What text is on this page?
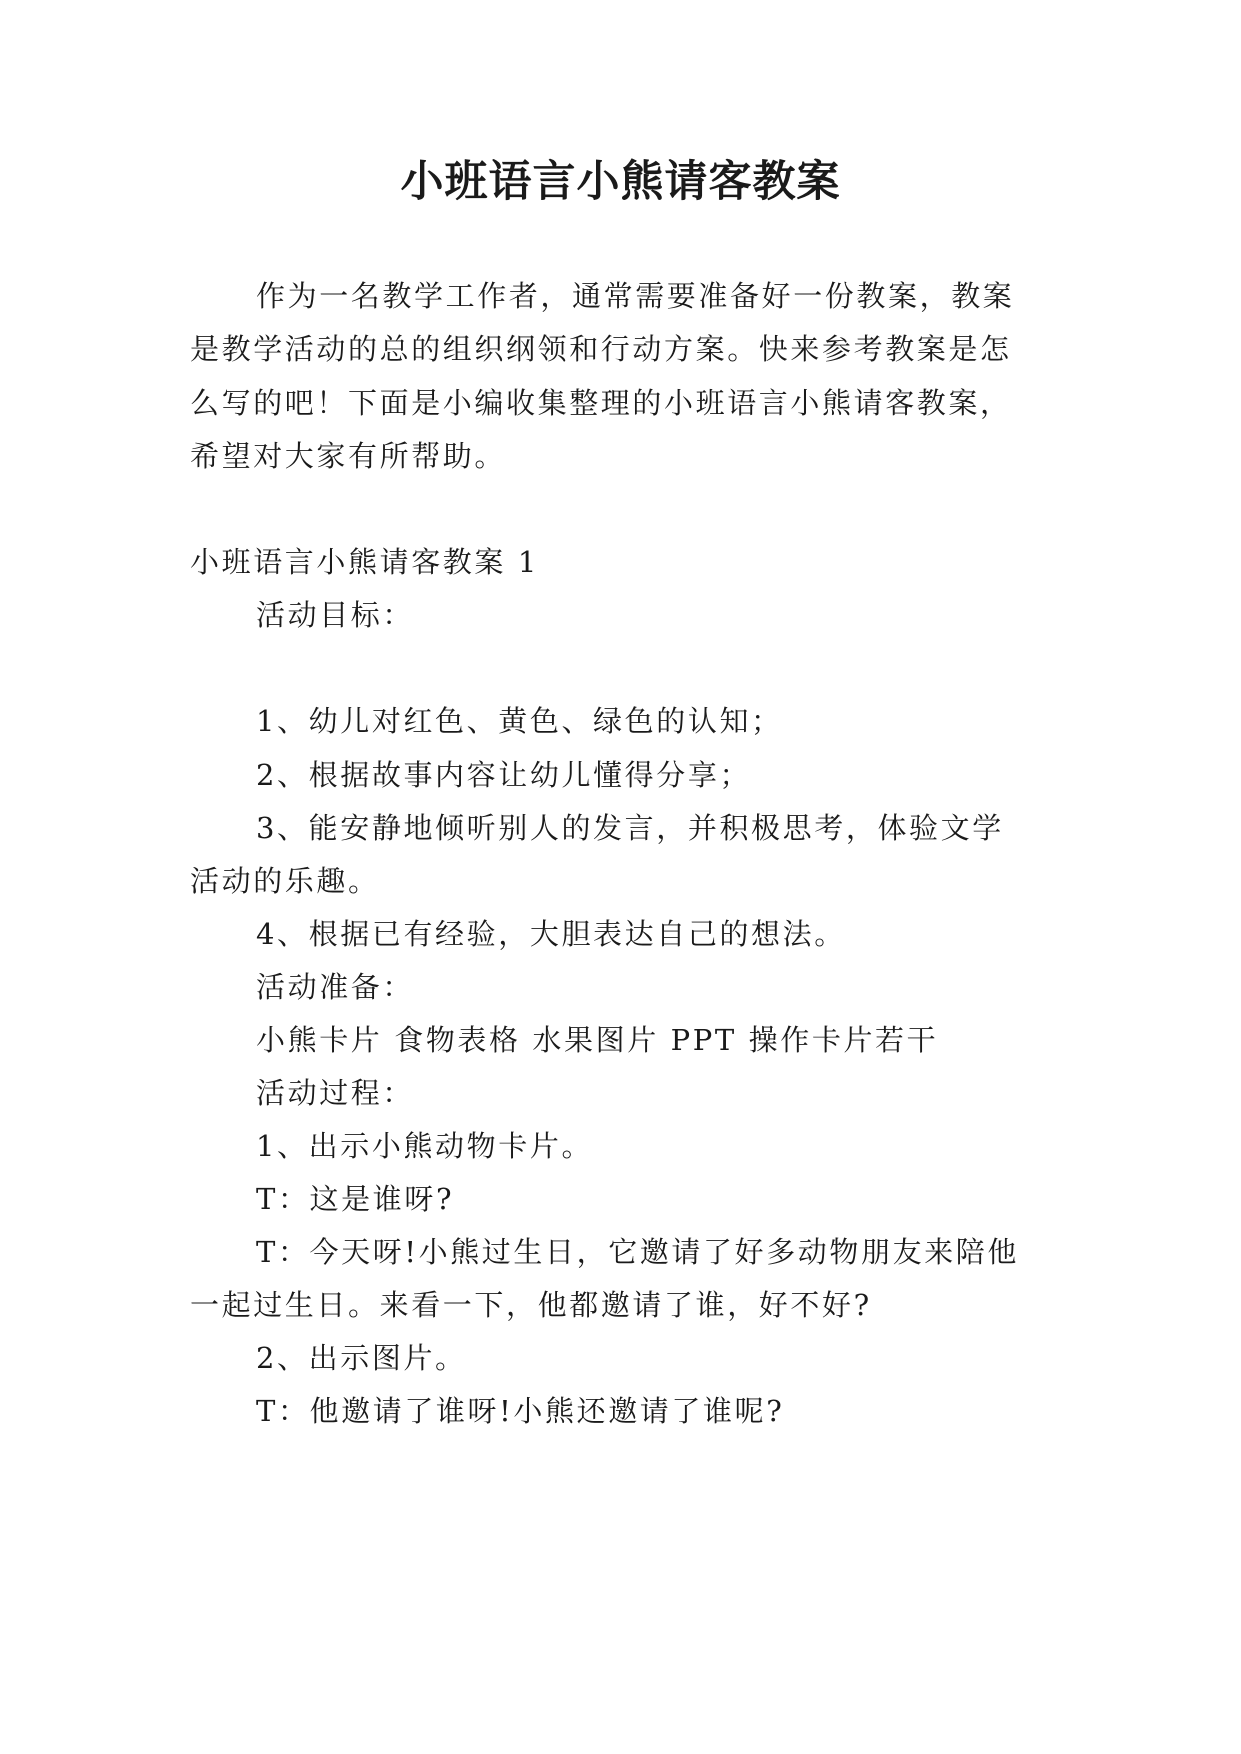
小班语言小熊请客教案

作为一名教学工作者，通常需要准备好一份教案，教案

是教学活动的总的组织纲领和行动方案。快来参考教案是怎

么写的吧！下面是小编收集整理的小班语言小熊请客教案，

希望对大家有所帮助。

小班语言小熊请客教案 1

活动目标：

1、幼儿对红色、黄色、绿色的认知；

2、根据故事内容让幼儿懂得分享；

3、能安静地倾听别人的发言，并积极思考，体验文学

活动的乐趣。

4、根据已有经验，大胆表达自己的想法。

活动准备：

小熊卡片 食物表格 水果图片 PPT 操作卡片若干

活动过程：

1、出示小熊动物卡片。

T：这是谁呀?

T：今天呀!小熊过生日，它邀请了好多动物朋友来陪他

一起过生日。来看一下，他都邀请了谁，好不好?

2、出示图片。

T：他邀请了谁呀!小熊还邀请了谁呢?
